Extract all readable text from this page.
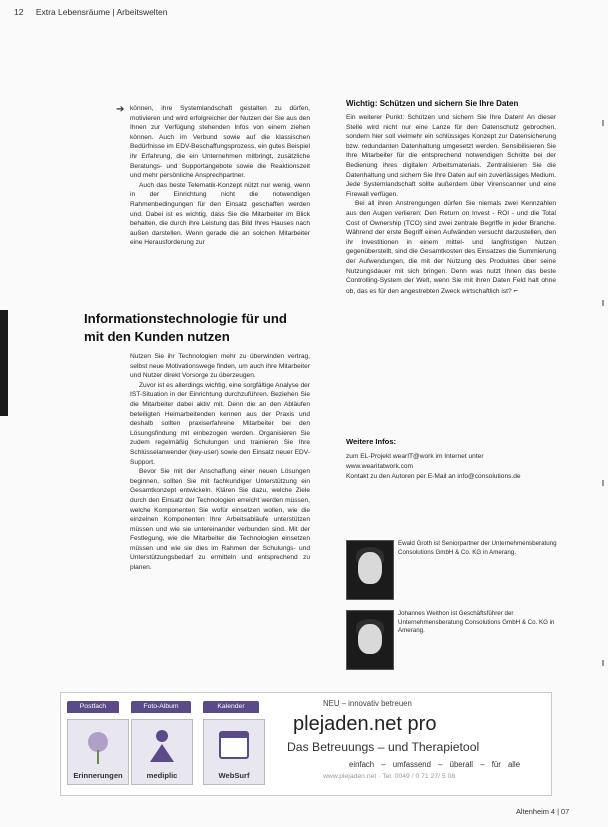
12 Extra Lebensräume | Arbeitswelten
➔ können, ihre Systemlandschaft gestalten zu dürfen, motivieren und wird erfolgreicher der Nutzen der Sie aus den Ihnen zur Verfügung stehenden Infos von einem ziehen können. Auch im Verbund sowie auf die klassischen Bedürfnisse im EDV-Beschaffungsprozess, ein gutes Beispiel ihr Erfahrung, die ein Unternehmen mitbringt, zusätzliche Beratungs- und Supportangebote sowie die Reaktionszeit und mehr persönliche Ansprechpartner.

Auch das beste Telematik-Konzept nützt nur wenig, wenn in der Einrichtung nicht die notwendigen Rahmenbedingungen für den Einsatz geschaffen werden und. Dabei ist es wichtig, dass Sie die Mitarbeiter im Blick behalten, die durch ihre Leistung das Bild Ihres Hauses nach außen darstellen. Wenn gerade die an solchen Mitarbeiter eine Herausforderung zur

Informationstechnologie für und mit den Kunden nutzen

Nutzen Sie ihr Technologien mehr zu überwinden vertrag, selbst neue Motivationswege finden, um auch ihre Mitarbeiter und Nutzer direkt Vorsorge zu überzeugen.

Zuvor ist es allerdings wichtig, eine sorgfältige Analyse der IST-Situation in der Einrichtung durchzuführen. Beziehen Sie die Mitarbeiter dabei aktiv mit. Denn die an den Abläufen beteiligten Heimarbeitenden kennen aus der Praxis und deshalb sollten praxiserfahrene Mitarbeiter bei den Lösungsfindung mit einbezogen werden. Organisieren Sie zudem regelmäßig Schulungen und trainieren Sie Ihre Schlüsselanwender (key-user) sowie den Einsatz neuer EDV-Support.

Bevor Sie mit der Anschaffung einer neuen Lösungen beginnen, sollten Sie mit fachkundiger Unterstützung ein Gesamtkonzept entwickeln. Klären Sie dazu, welche Ziele durch den Einsatz der Technologien erreicht werden müssen, welche Komponenten Sie wofür einsetzen wollen, wie die einzelnen Komponenten Ihre Arbeitsabläufe unterstützen müssen und wie sie untereinander verbunden sind. Mit der Festlegung, wie die Mitarbeiter die Technologien einsetzen müssen und wie sie dies im Rahmen der Schulungs- und Unterstützungsbedarf zu ermitteln und entsprechend zu planen.

Wichtig: Schützen und sichern Sie Ihre Daten

Ein weiterer Punkt: Schützen und sichern Sie Ihre Daten! An dieser Stelle wird nicht nur eine Lanze für den Datenschutz gebrochen, sondern hier soll vielmehr ein schlüssiges Konzept zur Datensicherung bzw. redundanten Datenhaltung umgesetzt werden. Sensibilisieren Sie Ihre Mitarbeiter für die entsprechend notwendigen Schritte bei der Bedienung ihres digitalen Arbeitsmaterials. Zentralisieren Sie die Datenhaltung und sichern Sie Ihre Daten auf ein zuverlässiges Medium. Jede Systemlandschaft sollte außerdem über Virenscanner und eine Firewall verfügen.

Bei all ihren Anstrengungen dürfen Sie niemals zwei Kennzahlen aus den Augen verlieren: Den Return on Invest - ROI - und die Total Cost of Ownership (TCO) sind zwei zentrale Begriffe in jeder Branche. Während der erste Begriff einen Aufwänden versucht darzustellen, den ihr Investitionen in einem mittel- und langfristigen Nutzen gegenüberstellt, sind die Gesamtkosten des Einsatzes die Summierung der Aufwendungen, die mit der Nutzung des Produktes über seine Nutzungsdauer mit sich bringen. Denn was nutzt Ihnen das beste Controlling-System der Welt, wenn Sie mit ihren Daten Feld halt ohne ob, das es für den angestrebten Zweck wirtschaftlich ist? ⌐

Weitere Infos:
zum EL-Projekt wearIT@work im Internet unter
www.wearitatwork.com
Kontakt zu den Autoren per E-Mail an info@consolutions.de
Ewald Groth ist Seniorpartner der Unternehmensberatung Consolutions GmbH & Co. KG in Amerang.
Johannes Weithon ist Geschäftsführer der Unternehmensberatung Consolutions GmbH & Co. KG in Amerang.
Postfach	Foto-Album	Kalender
Erinnerungen	mediplic	WebSurf
NEU – innovativ betreuen
plejaden.net pro
Das Betreuungs – und Therapietool
einfach – umfassend – überall – für alle
www.plejaden.net · Tel. 0049 / 0 71 27/ 5 08
Altenheim 4 | 07
